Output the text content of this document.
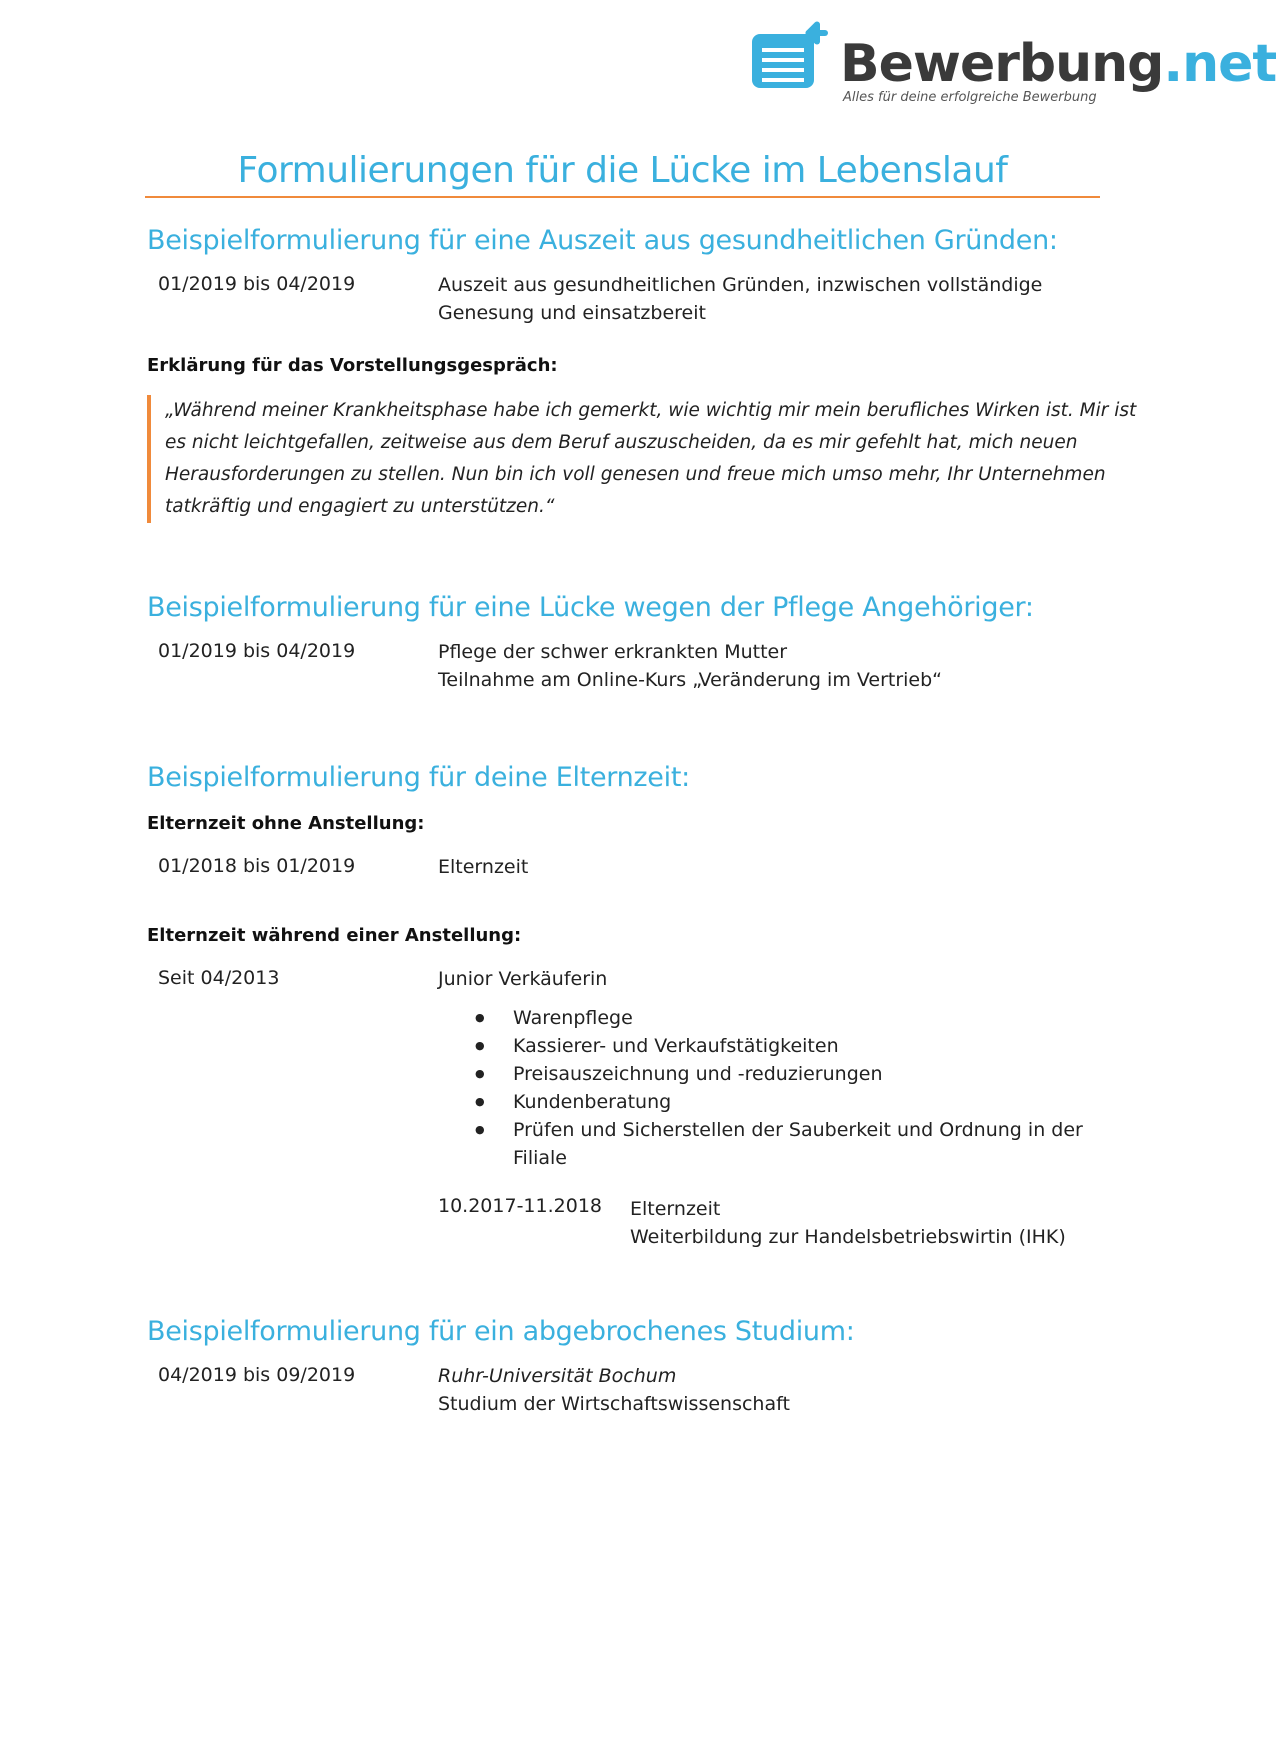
Bewerbung.net
Alles für deine erfolgreiche Bewerbung
Formulierungen für die Lücke im Lebenslauf
Beispielformulierung für eine Auszeit aus gesundheitlichen Gründen:
01/2019 bis 04/2019	Auszeit aus gesundheitlichen Gründen, inzwischen vollständige
Genesung und einsatzbereit
Erklärung für das Vorstellungsgespräch:
„Während meiner Krankheitsphase habe ich gemerkt, wie wichtig mir mein berufliches Wirken ist. Mir ist
es nicht leichtgefallen, zeitweise aus dem Beruf auszuscheiden, da es mir gefehlt hat, mich neuen
Herausforderungen zu stellen. Nun bin ich voll genesen und freue mich umso mehr, Ihr Unternehmen
tatkräftig und engagiert zu unterstützen.“
Beispielformulierung für eine Lücke wegen der Pflege Angehöriger:
01/2019 bis 04/2019	Pflege der schwer erkrankten Mutter
Teilnahme am Online-Kurs „Veränderung im Vertrieb“
Beispielformulierung für deine Elternzeit:
Elternzeit ohne Anstellung:
01/2018 bis 01/2019	Elternzeit
Elternzeit während einer Anstellung:
Seit 04/2013	Junior Verkäuferin
● Warenpflege
● Kassierer- und Verkaufstätigkeiten
● Preisauszeichnung und -reduzierungen
● Kundenberatung
● Prüfen und Sicherstellen der Sauberkeit und Ordnung in der
Filiale
10.2017-11.2018 Elternzeit
Weiterbildung zur Handelsbetriebswirtin (IHK)
Beispielformulierung für ein abgebrochenes Studium:
04/2019 bis 09/2019	Ruhr-Universität Bochum
Studium der Wirtschaftswissenschaft
